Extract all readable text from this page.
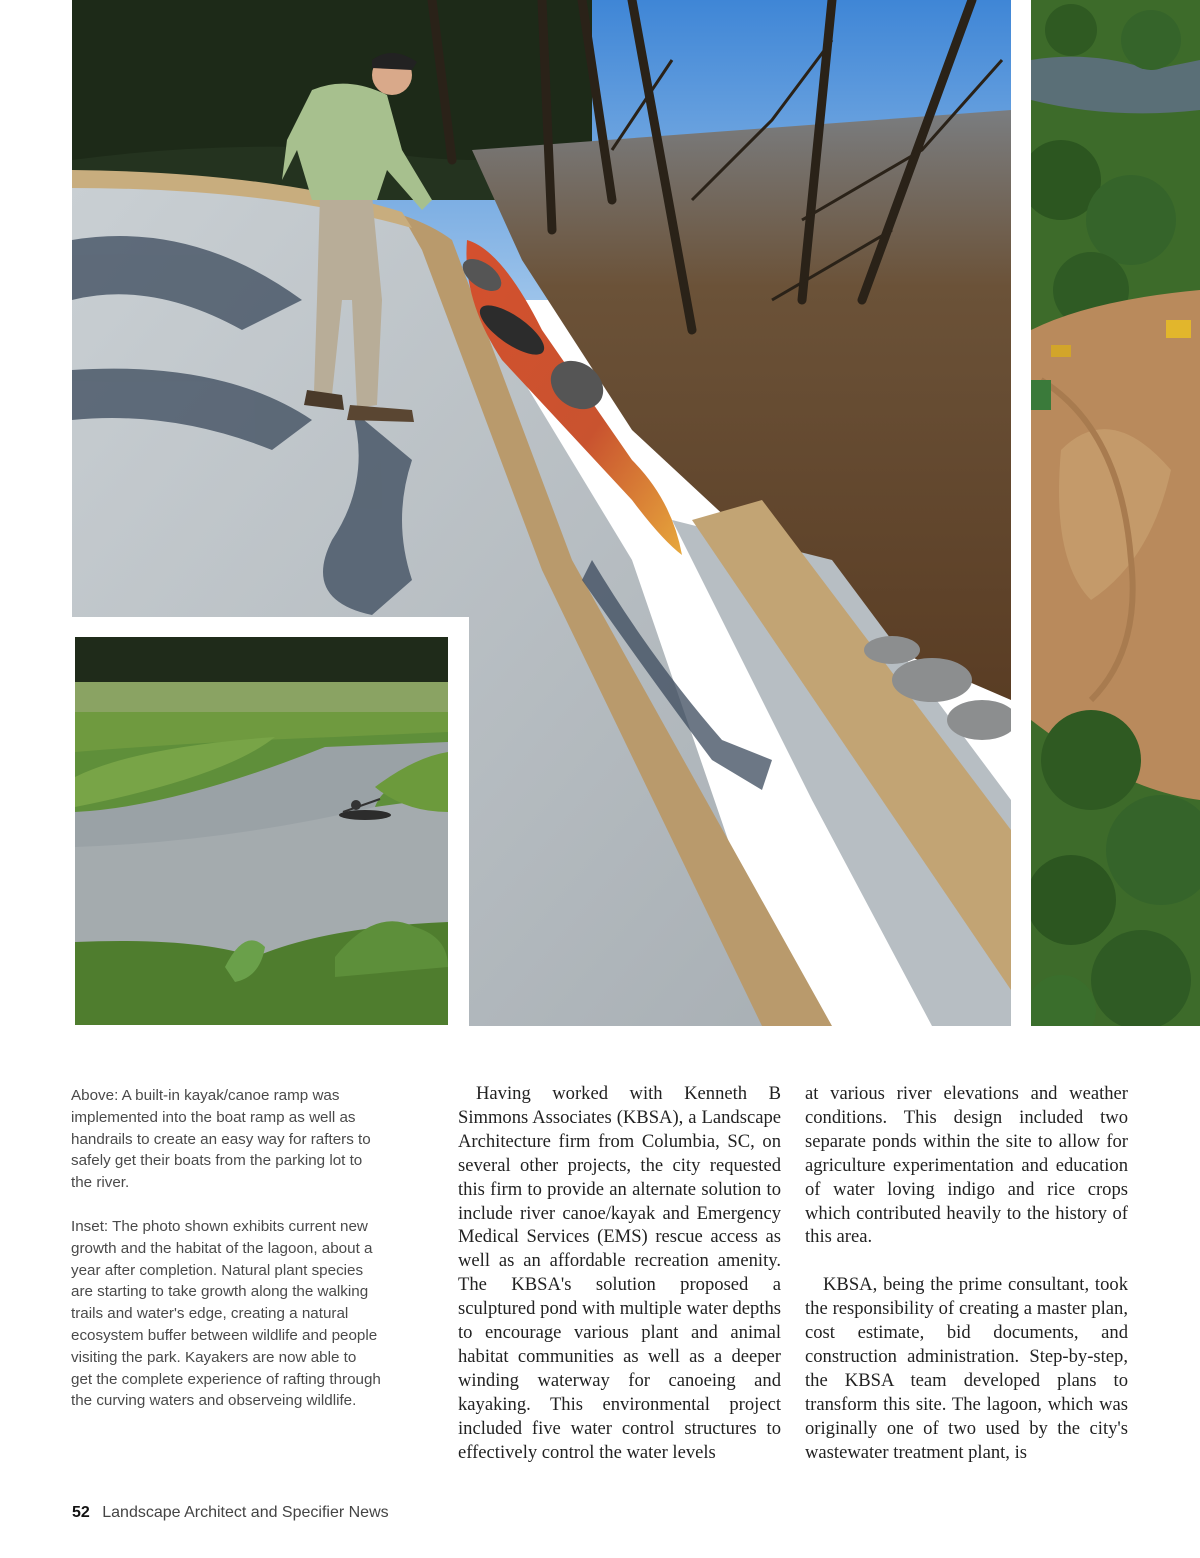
Above: A built-in kayak/canoe ramp was implemented into the boat ramp as well as handrails to create an easy way for rafters to safely get their boats from the parking lot to the river.

Inset: The photo shown exhibits current new growth and the habitat of the lagoon, about a year after completion. Natural plant species are starting to take growth along the walking trails and water's edge, creating a natural ecosystem buffer between wildlife and people visiting the park. Kayakers are now able to get the complete experience of rafting through the curving waters and observeing wildlife.

Having worked with Kenneth B Simmons Associates (KBSA), a Landscape Architecture firm from Columbia, SC, on several other projects, the city requested this firm to provide an alternate solution to include river canoe/kayak and Emergency Medical Services (EMS) rescue access as well as an affordable recreation amenity. The KBSA's solution proposed a sculptured pond with multiple water depths to encourage various plant and animal habitat communities as well as a deeper winding waterway for canoeing and kayaking. This environmental project included five water control structures to effectively control the water levels

at various river elevations and weather conditions. This design included two separate ponds within the site to allow for agriculture experimentation and education of water loving indigo and rice crops which contributed heavily to the history of this area.

KBSA, being the prime consultant, took the responsibility of creating a master plan, cost estimate, bid documents, and construction administration. Step-by-step, the KBSA team developed plans to transform this site. The lagoon, which was originally one of two used by the city's wastewater treatment plant, is

52 Landscape Architect and Specifier News
